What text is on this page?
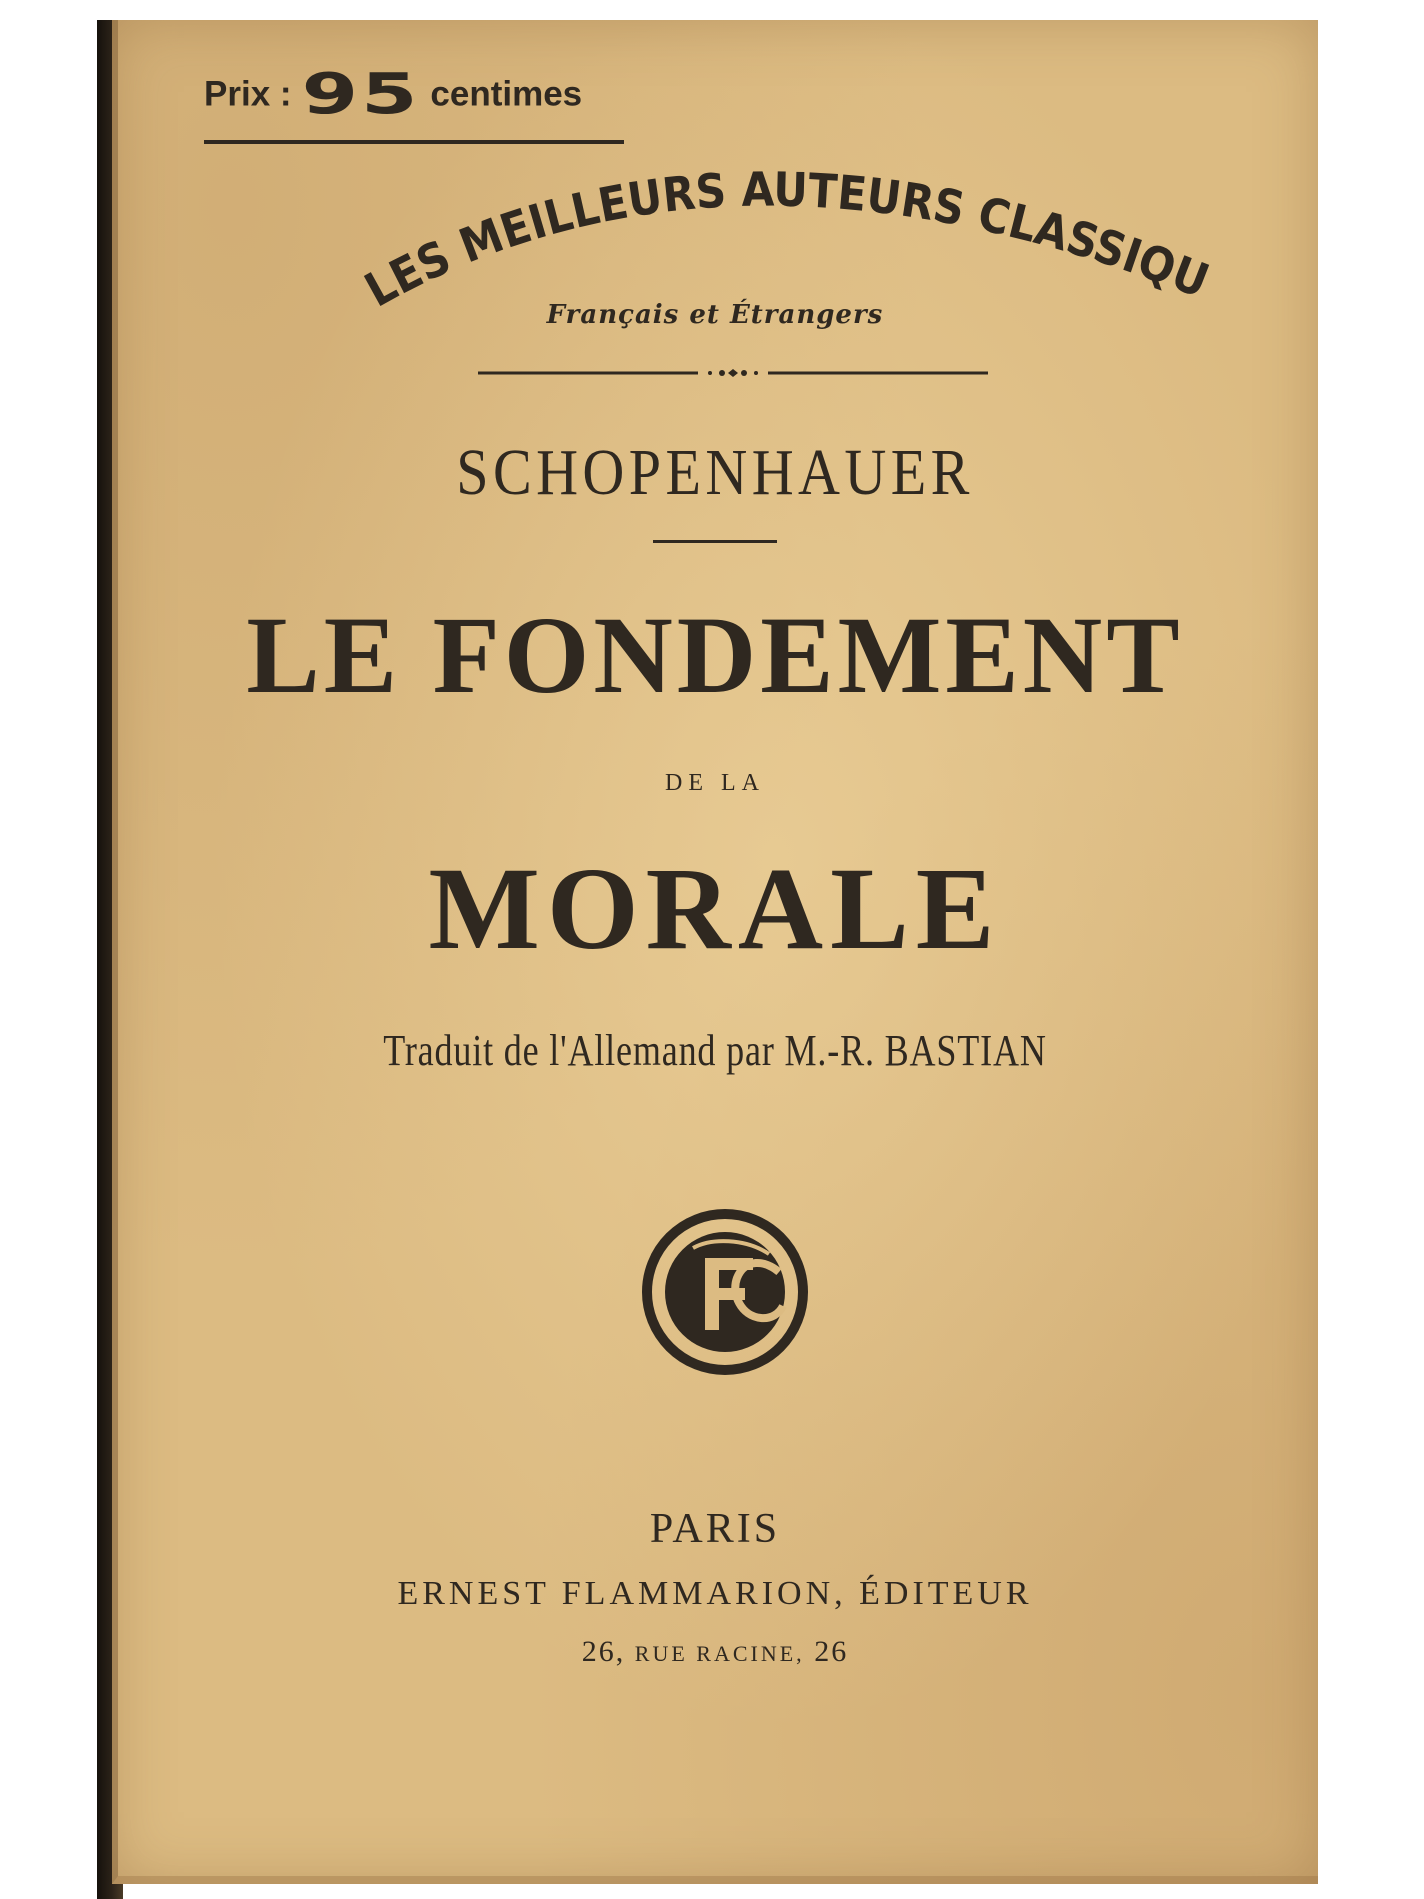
Prix : 95 centimes
LES MEILLEURS AUTEURS CLASSIQU
Français et Étrangers
SCHOPENHAUER
LE FONDEMENT
DE LA
MORALE
Traduit de l'Allemand par M.-R. BASTIAN
PARIS
ERNEST FLAMMARION, ÉDITEUR
26, RUE RACINE, 26
